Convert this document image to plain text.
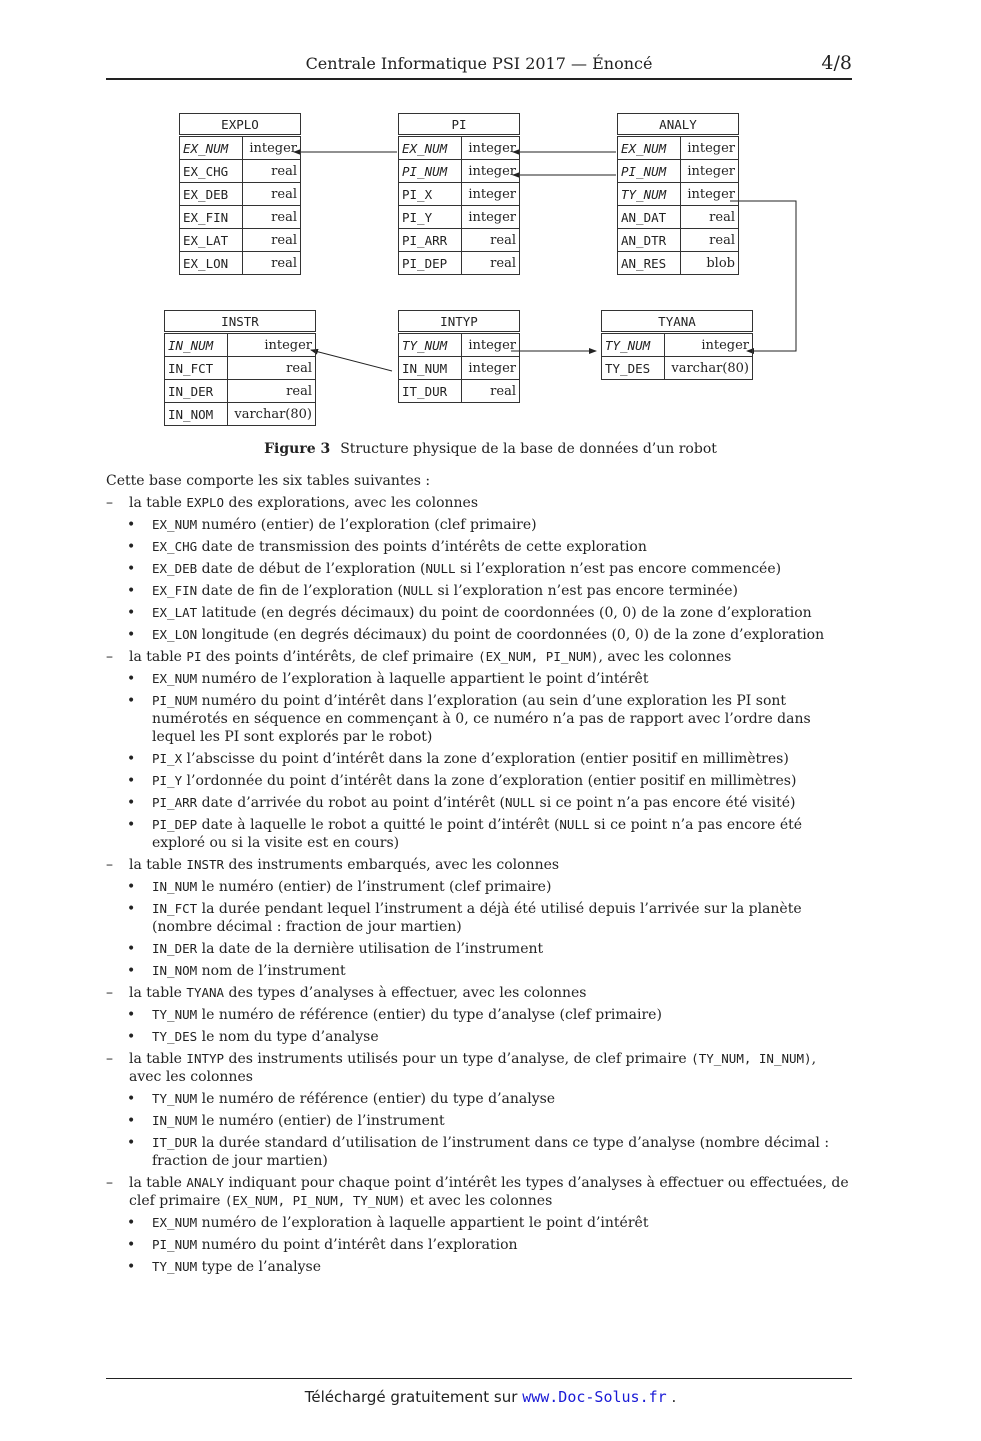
Centrale Informatique PSI 2017 — Énoncé	4/8
EXPLO	
EX_NUM	integer
EX_CHG	real
EX_DEB	real
EX_FIN	real
EX_LAT	real
EX_LON	real
PI	
EX_NUM	integer
PI_NUM	integer
PI_X	integer
PI_Y	integer
PI_ARR	real
PI_DEP	real
ANALY	
EX_NUM	integer
PI_NUM	integer
TY_NUM	integer
AN_DAT	real
AN_DTR	real
AN_RES	blob
INSTR	
IN_NUM	integer
IN_FCT	real
IN_DER	real
IN_NOM	varchar(80)
INTYP	
TY_NUM	integer
IN_NUM	integer
IT_DUR	real
TYANA	
TY_NUM	integer
TY_DES	varchar(80)
Figure 3 Structure physique de la base de données d’un robot
Cette base comporte les six tables suivantes :
– la table EXPLO des explorations, avec les colonnes
• EX_NUM numéro (entier) de l’exploration (clef primaire)
• EX_CHG date de transmission des points d’intérêts de cette exploration
• EX_DEB date de début de l’exploration (NULL si l’exploration n’est pas encore commencée)
• EX_FIN date de fin de l’exploration (NULL si l’exploration n’est pas encore terminée)
• EX_LAT latitude (en degrés décimaux) du point de coordonnées (0, 0) de la zone d’exploration
• EX_LON longitude (en degrés décimaux) du point de coordonnées (0, 0) de la zone d’exploration
– la table PI des points d’intérêts, de clef primaire (EX_NUM, PI_NUM), avec les colonnes
• EX_NUM numéro de l’exploration à laquelle appartient le point d’intérêt
• PI_NUM numéro du point d’intérêt dans l’exploration (au sein d’une exploration les PI sont numérotés en séquence en commençant à 0, ce numéro n’a pas de rapport avec l’ordre dans lequel les PI sont explorés par le robot)
• PI_X l’abscisse du point d’intérêt dans la zone d’exploration (entier positif en millimètres)
• PI_Y l’ordonnée du point d’intérêt dans la zone d’exploration (entier positif en millimètres)
• PI_ARR date d’arrivée du robot au point d’intérêt (NULL si ce point n’a pas encore été visité)
• PI_DEP date à laquelle le robot a quitté le point d’intérêt (NULL si ce point n’a pas encore été exploré ou si la visite est en cours)
– la table INSTR des instruments embarqués, avec les colonnes
• IN_NUM le numéro (entier) de l’instrument (clef primaire)
• IN_FCT la durée pendant lequel l’instrument a déjà été utilisé depuis l’arrivée sur la planète (nombre décimal : fraction de jour martien)
• IN_DER la date de la dernière utilisation de l’instrument
• IN_NOM nom de l’instrument
– la table TYANA des types d’analyses à effectuer, avec les colonnes
• TY_NUM le numéro de référence (entier) du type d’analyse (clef primaire)
• TY_DES le nom du type d’analyse
– la table INTYP des instruments utilisés pour un type d’analyse, de clef primaire (TY_NUM, IN_NUM), avec les colonnes
• TY_NUM le numéro de référence (entier) du type d’analyse
• IN_NUM le numéro (entier) de l’instrument
• IT_DUR la durée standard d’utilisation de l’instrument dans ce type d’analyse (nombre décimal : fraction de jour martien)
– la table ANALY indiquant pour chaque point d’intérêt les types d’analyses à effectuer ou effectuées, de clef primaire (EX_NUM, PI_NUM, TY_NUM) et avec les colonnes
• EX_NUM numéro de l’exploration à laquelle appartient le point d’intérêt
• PI_NUM numéro du point d’intérêt dans l’exploration
• TY_NUM type de l’analyse
Téléchargé gratuitement sur www.Doc-Solus.fr .
